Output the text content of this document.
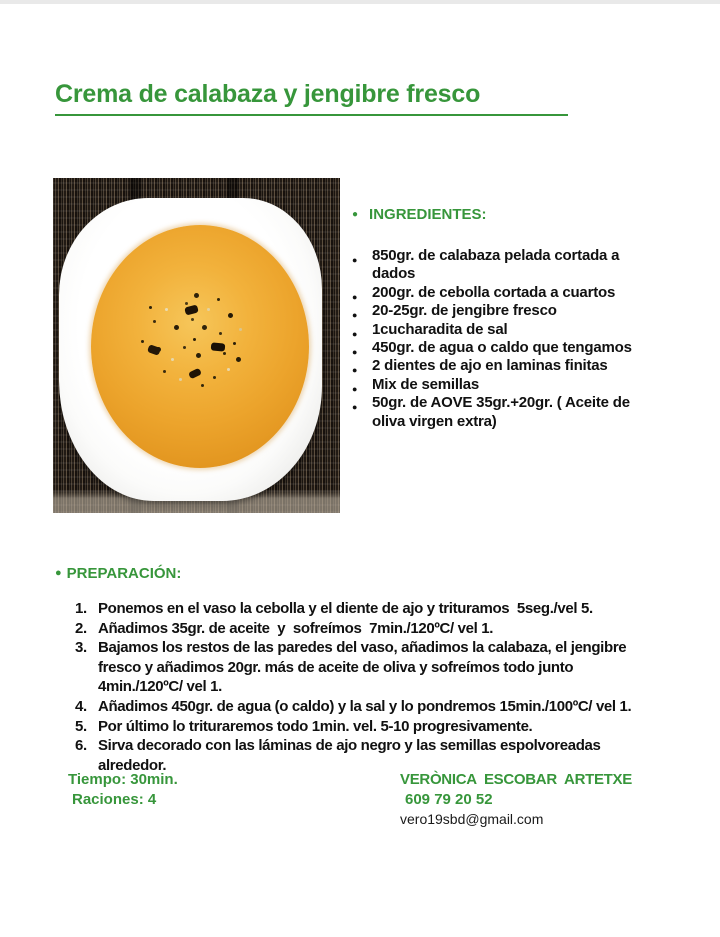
Crema de calabaza y jengibre fresco
● INGREDIENTES:
● 850gr. de calabaza pelada cortada a dados
● 200gr. de cebolla cortada a cuartos
● 20-25gr. de jengibre fresco
● 1cucharadita de sal
● 450gr. de agua o caldo que tengamos
● 2 dientes de ajo en laminas finitas
● Mix de semillas
● 50gr. de AOVE 35gr.+20gr. ( Aceite de oliva virgen extra)
● PREPARACIÓN:
Ponemos en el vaso la cebolla y el diente de ajo y trituramos  5seg./vel 5.
Añadimos 35gr. de aceite  y  sofreímos  7min./120ºC/ vel 1.
Bajamos los restos de las paredes del vaso, añadimos la calabaza, el jengibre fresco y añadimos 20gr. más de aceite de oliva y sofreímos todo junto   4min./120ºC/ vel 1.
Añadimos 450gr. de agua (o caldo) y la sal y lo pondremos 15min./100ºC/ vel 1.
Por último lo trituraremos todo 1min. vel. 5-10 progresivamente.
Sirva decorado con las láminas de ajo negro y las semillas espolvoreadas alrededor.
Tiempo: 30min.
Raciones: 4
VERÒNICA  ESCOBAR  ARTETXE
609 79 20 52
vero19sbd@gmail.com
